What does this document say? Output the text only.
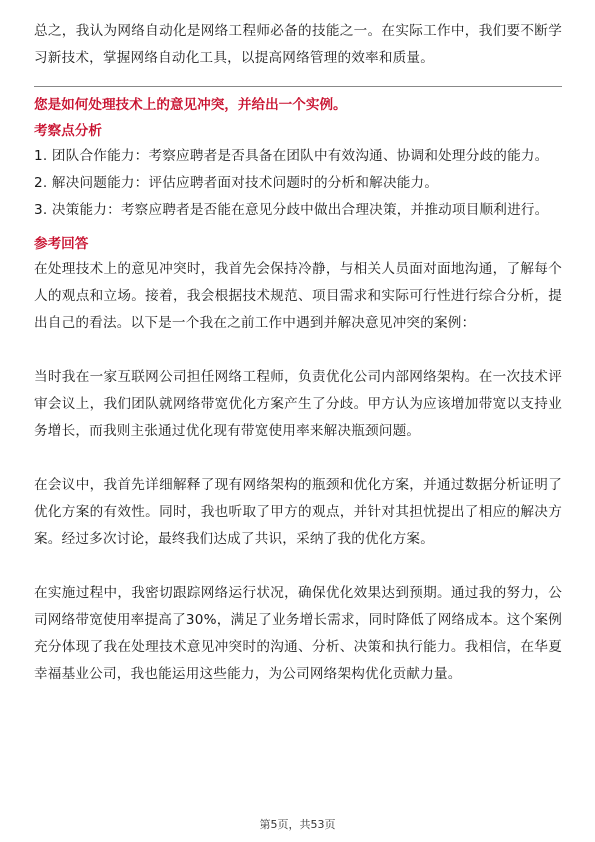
总之，我认为网络自动化是网络工程师必备的技能之一。在实际工作中，我们要不断学习新技术，掌握网络自动化工具，以提高网络管理的效率和质量。

您是如何处理技术上的意见冲突，并给出一个实例。

考察点分析

1. 团队合作能力：考察应聘者是否具备在团队中有效沟通、协调和处理分歧的能力。

2. 解决问题能力：评估应聘者面对技术问题时的分析和解决能力。

3. 决策能力：考察应聘者是否能在意见分歧中做出合理决策，并推动项目顺利进行。

参考回答

在处理技术上的意见冲突时，我首先会保持冷静，与相关人员面对面地沟通，了解每个人的观点和立场。接着，我会根据技术规范、项目需求和实际可行性进行综合分析，提出自己的看法。以下是一个我在之前工作中遇到并解决意见冲突的案例：

当时我在一家互联网公司担任网络工程师，负责优化公司内部网络架构。在一次技术评审会议上，我们团队就网络带宽优化方案产生了分歧。甲方认为应该增加带宽以支持业务增长，而我则主张通过优化现有带宽使用率来解决瓶颈问题。

在会议中，我首先详细解释了现有网络架构的瓶颈和优化方案，并通过数据分析证明了优化方案的有效性。同时，我也听取了甲方的观点，并针对其担忧提出了相应的解决方案。经过多次讨论，最终我们达成了共识，采纳了我的优化方案。

在实施过程中，我密切跟踪网络运行状况，确保优化效果达到预期。通过我的努力，公司网络带宽使用率提高了30%，满足了业务增长需求，同时降低了网络成本。这个案例充分体现了我在处理技术意见冲突时的沟通、分析、决策和执行能力。我相信，在华夏幸福基业公司，我也能运用这些能力，为公司网络架构优化贡献力量。

第5页，共53页
